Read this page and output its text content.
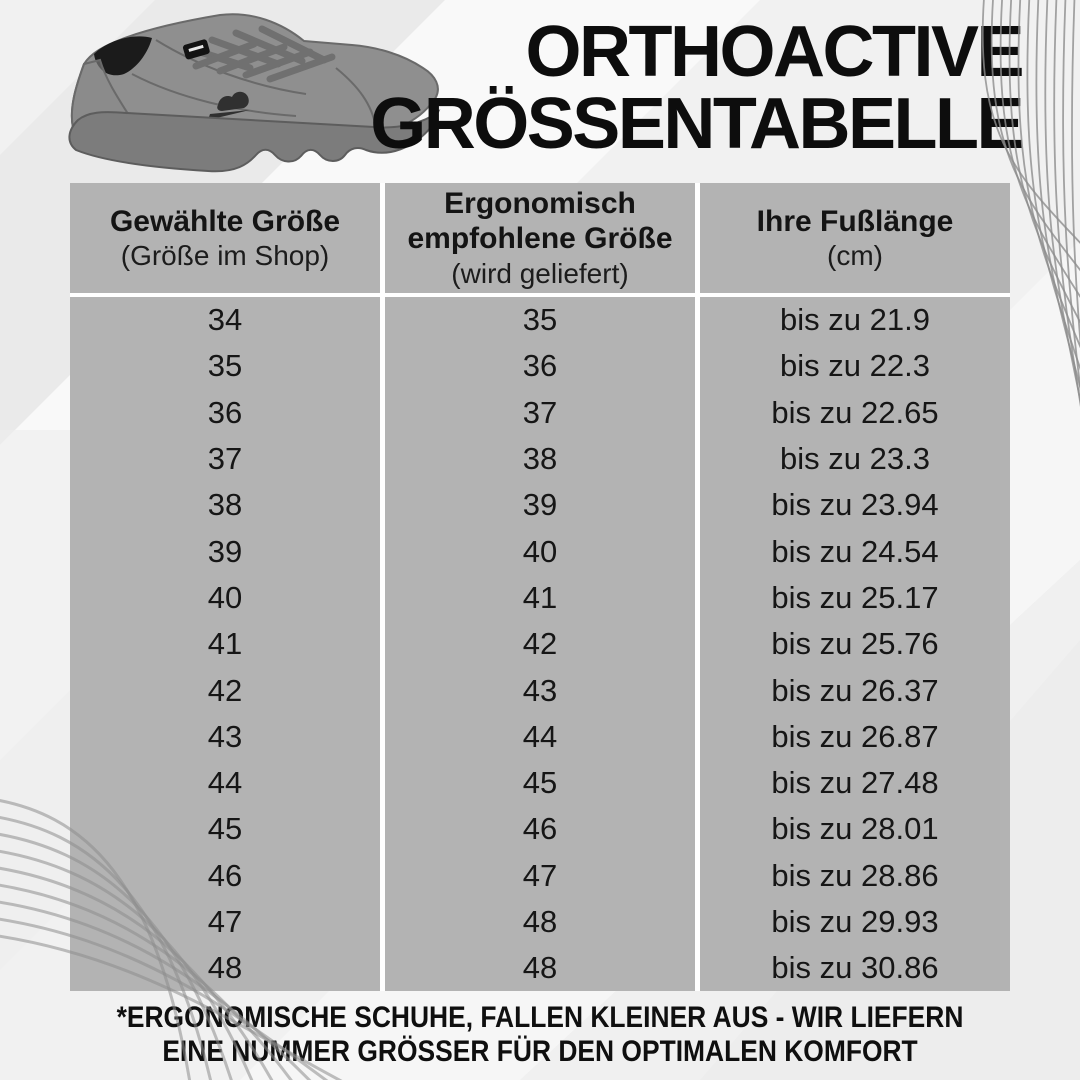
ORTHOACTIVE
GRÖSSENTABELLE
Gewählte Größe
(Größe im Shop)
Ergonomisch empfohlene Größe
(wird geliefert)
Ihre Fußlänge
(cm)
34	35	bis zu 21.9
35	36	bis zu 22.3
36	37	bis zu 22.65
37	38	bis zu 23.3
38	39	bis zu 23.94
39	40	bis zu 24.54
40	41	bis zu 25.17
41	42	bis zu 25.76
42	43	bis zu 26.37
43	44	bis zu 26.87
44	45	bis zu 27.48
45	46	bis zu 28.01
46	47	bis zu 28.86
47	48	bis zu 29.93
48	48	bis zu 30.86
*ERGONOMISCHE SCHUHE, FALLEN KLEINER AUS - WIR LIEFERN
EINE NUMMER GRÖSSER FÜR DEN OPTIMALEN KOMFORT
